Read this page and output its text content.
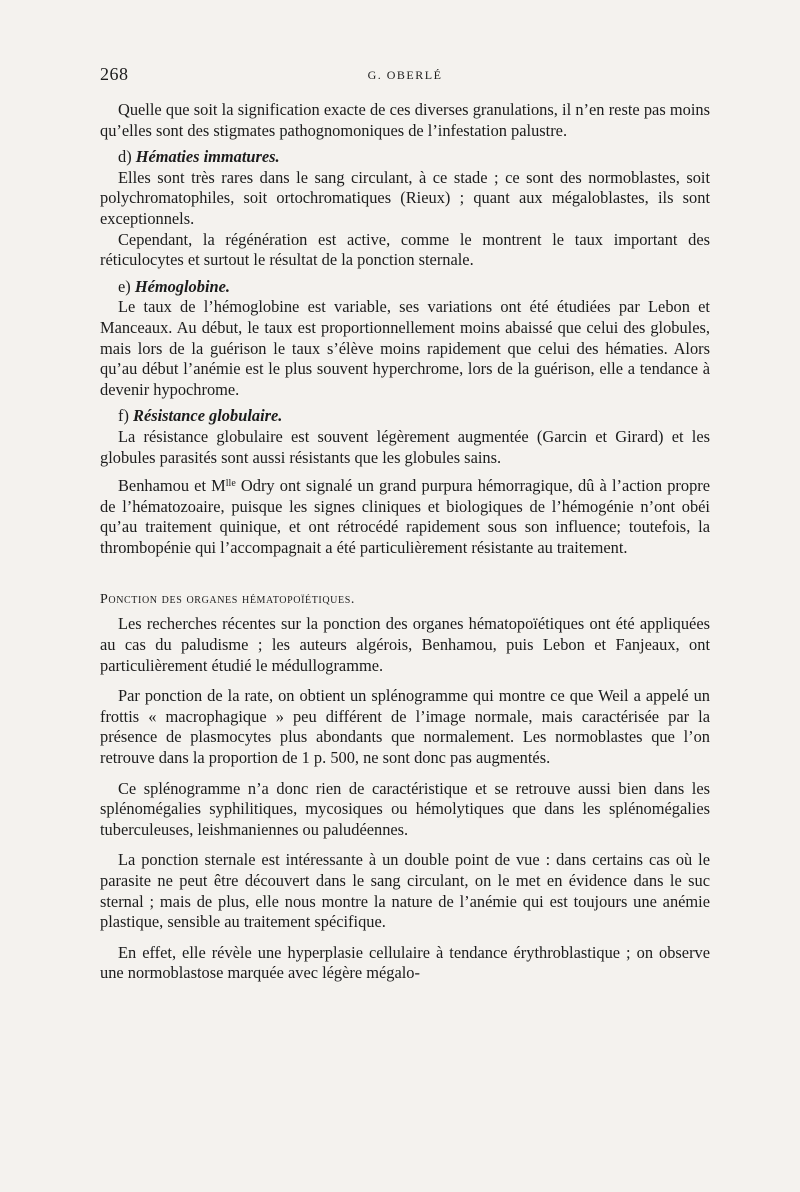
268	G. OBERLÉ

Quelle que soit la signification exacte de ces diverses granulations, il n’en reste pas moins qu’elles sont des stigmates pathognomoniques de l’infestation palustre.

d) Hématies immatures.

Elles sont très rares dans le sang circulant, à ce stade ; ce sont des normoblastes, soit polychromatophiles, soit ortochromatiques (Rieux) ; quant aux mégaloblastes, ils sont exceptionnels.

Cependant, la régénération est active, comme le montrent le taux important des réticulocytes et surtout le résultat de la ponction sternale.

e) Hémoglobine.

Le taux de l’hémoglobine est variable, ses variations ont été étudiées par Lebon et Manceaux. Au début, le taux est proportionnellement moins abaissé que celui des globules, mais lors de la guérison le taux s’élève moins rapidement que celui des hématies. Alors qu’au début l’anémie est le plus souvent hyperchrome, lors de la guérison, elle a tendance à devenir hypochrome.

f) Résistance globulaire.

La résistance globulaire est souvent légèrement augmentée (Garcin et Girard) et les globules parasités sont aussi résistants que les globules sains.

Benhamou et $M^{lle}$ Odry ont signalé un grand purpura hémorragique, dû à l’action propre de l’hématozoaire, puisque les signes cliniques et biologiques de l’hémogénie n’ont obéi qu’au traitement quinique, et ont rétrocédé rapidement sous son influence; toutefois, la thrombopénie qui l’accompagnait a été particulièrement résistante au traitement.

Ponction des organes hématopoïétiques.

Les recherches récentes sur la ponction des organes hématopoïétiques ont été appliquées au cas du paludisme ; les auteurs algérois, Benhamou, puis Lebon et Fanjeaux, ont particulièrement étudié le médullogramme.

Par ponction de la rate, on obtient un splénogramme qui montre ce que Weil a appelé un frottis « macrophagique » peu différent de l’image normale, mais caractérisée par la présence de plasmocytes plus abondants que normalement. Les normoblastes que l’on retrouve dans la proportion de 1 p. 500, ne sont donc pas augmentés.

Ce splénogramme n’a donc rien de caractéristique et se retrouve aussi bien dans les splénomégalies syphilitiques, mycosiques ou hémolytiques que dans les splénomégalies tuberculeuses, leishmaniennes ou paludéennes.

La ponction sternale est intéressante à un double point de vue : dans certains cas où le parasite ne peut être découvert dans le sang circulant, on le met en évidence dans le suc sternal ; mais de plus, elle nous montre la nature de l’anémie qui est toujours une anémie plastique, sensible au traitement spécifique.

En effet, elle révèle une hyperplasie cellulaire à tendance érythroblastique ; on observe une normoblastose marquée avec légère mégalo-
